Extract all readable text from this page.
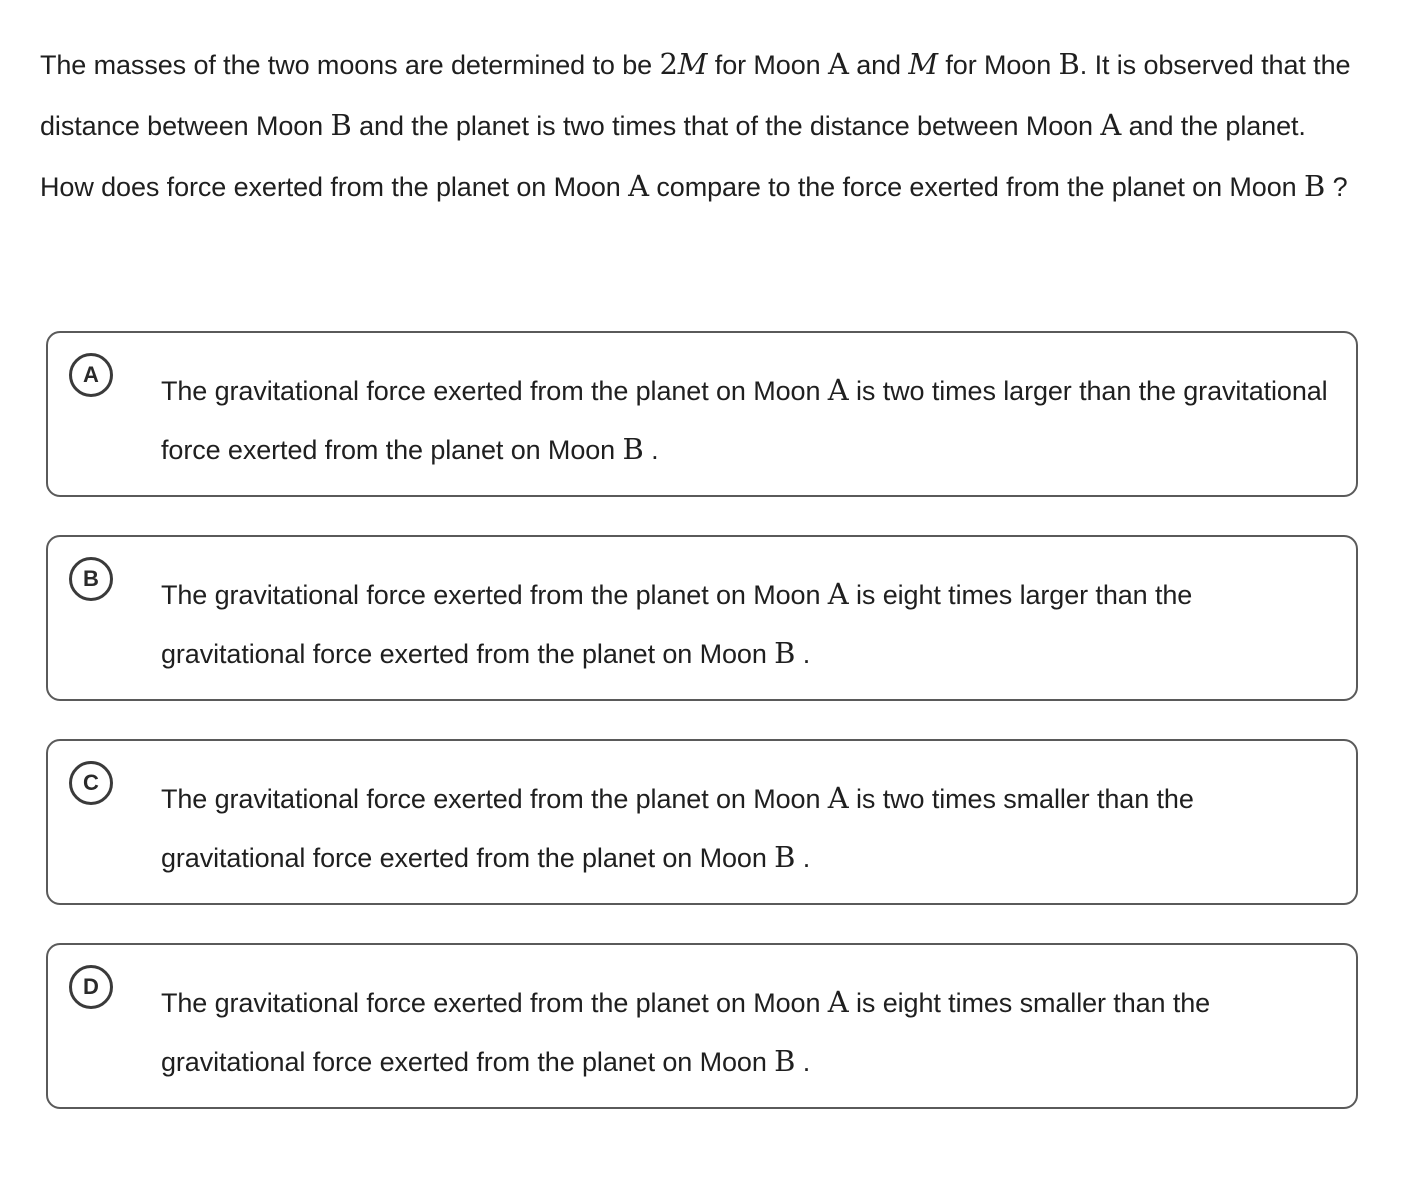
The masses of the two moons are determined to be 2M for Moon A and M for Moon B. It is observed that the distance between Moon B and the planet is two times that of the distance between Moon A and the planet. How does force exerted from the planet on Moon A compare to the force exerted from the planet on Moon B ?
A
The gravitational force exerted from the planet on Moon A is two times larger than the gravitational force exerted from the planet on Moon B .
B
The gravitational force exerted from the planet on Moon A is eight times larger than the gravitational force exerted from the planet on Moon B .
C
The gravitational force exerted from the planet on Moon A is two times smaller than the gravitational force exerted from the planet on Moon B .
D
The gravitational force exerted from the planet on Moon A is eight times smaller than the gravitational force exerted from the planet on Moon B .
